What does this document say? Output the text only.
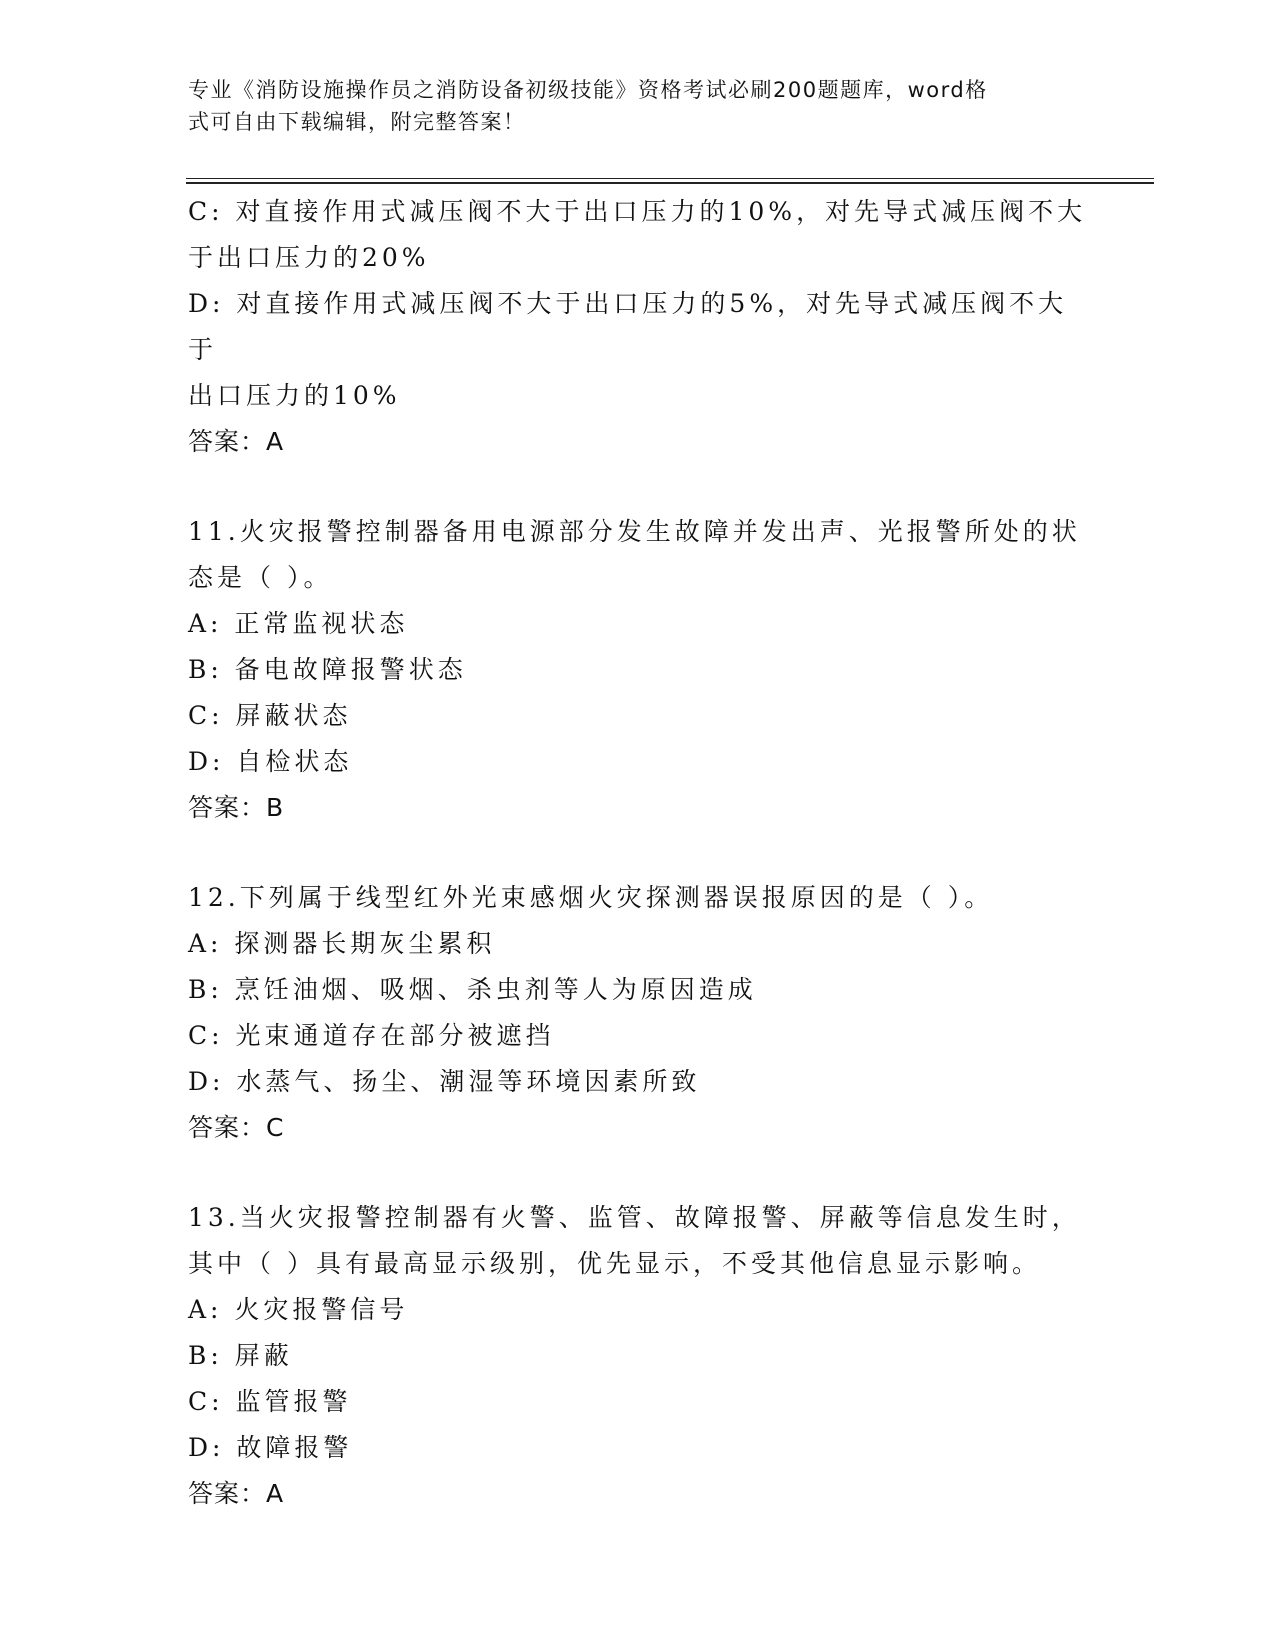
专业《消防设施操作员之消防设备初级技能》资格考试必刷200题题库，word格
式可自由下载编辑，附完整答案！

C: 对直接作用式减压阀不大于出口压力的10%，对先导式减压阀不大

于出口压力的20%

D: 对直接作用式减压阀不大于出口压力的5%，对先导式减压阀不大于

出口压力的10%

答案：A

11.火灾报警控制器备用电源部分发生故障并发出声、光报警所处的状

态是（ ）。

A: 正常监视状态

B: 备电故障报警状态

C: 屏蔽状态

D: 自检状态

答案：B

12.下列属于线型红外光束感烟火灾探测器误报原因的是（ ）。

A: 探测器长期灰尘累积

B: 烹饪油烟、吸烟、杀虫剂等人为原因造成

C: 光束通道存在部分被遮挡

D: 水蒸气、扬尘、潮湿等环境因素所致

答案：C

13.当火灾报警控制器有火警、监管、故障报警、屏蔽等信息发生时，

其中（ ）具有最高显示级别，优先显示，不受其他信息显示影响。

A: 火灾报警信号

B: 屏蔽

C: 监管报警

D: 故障报警

答案：A
